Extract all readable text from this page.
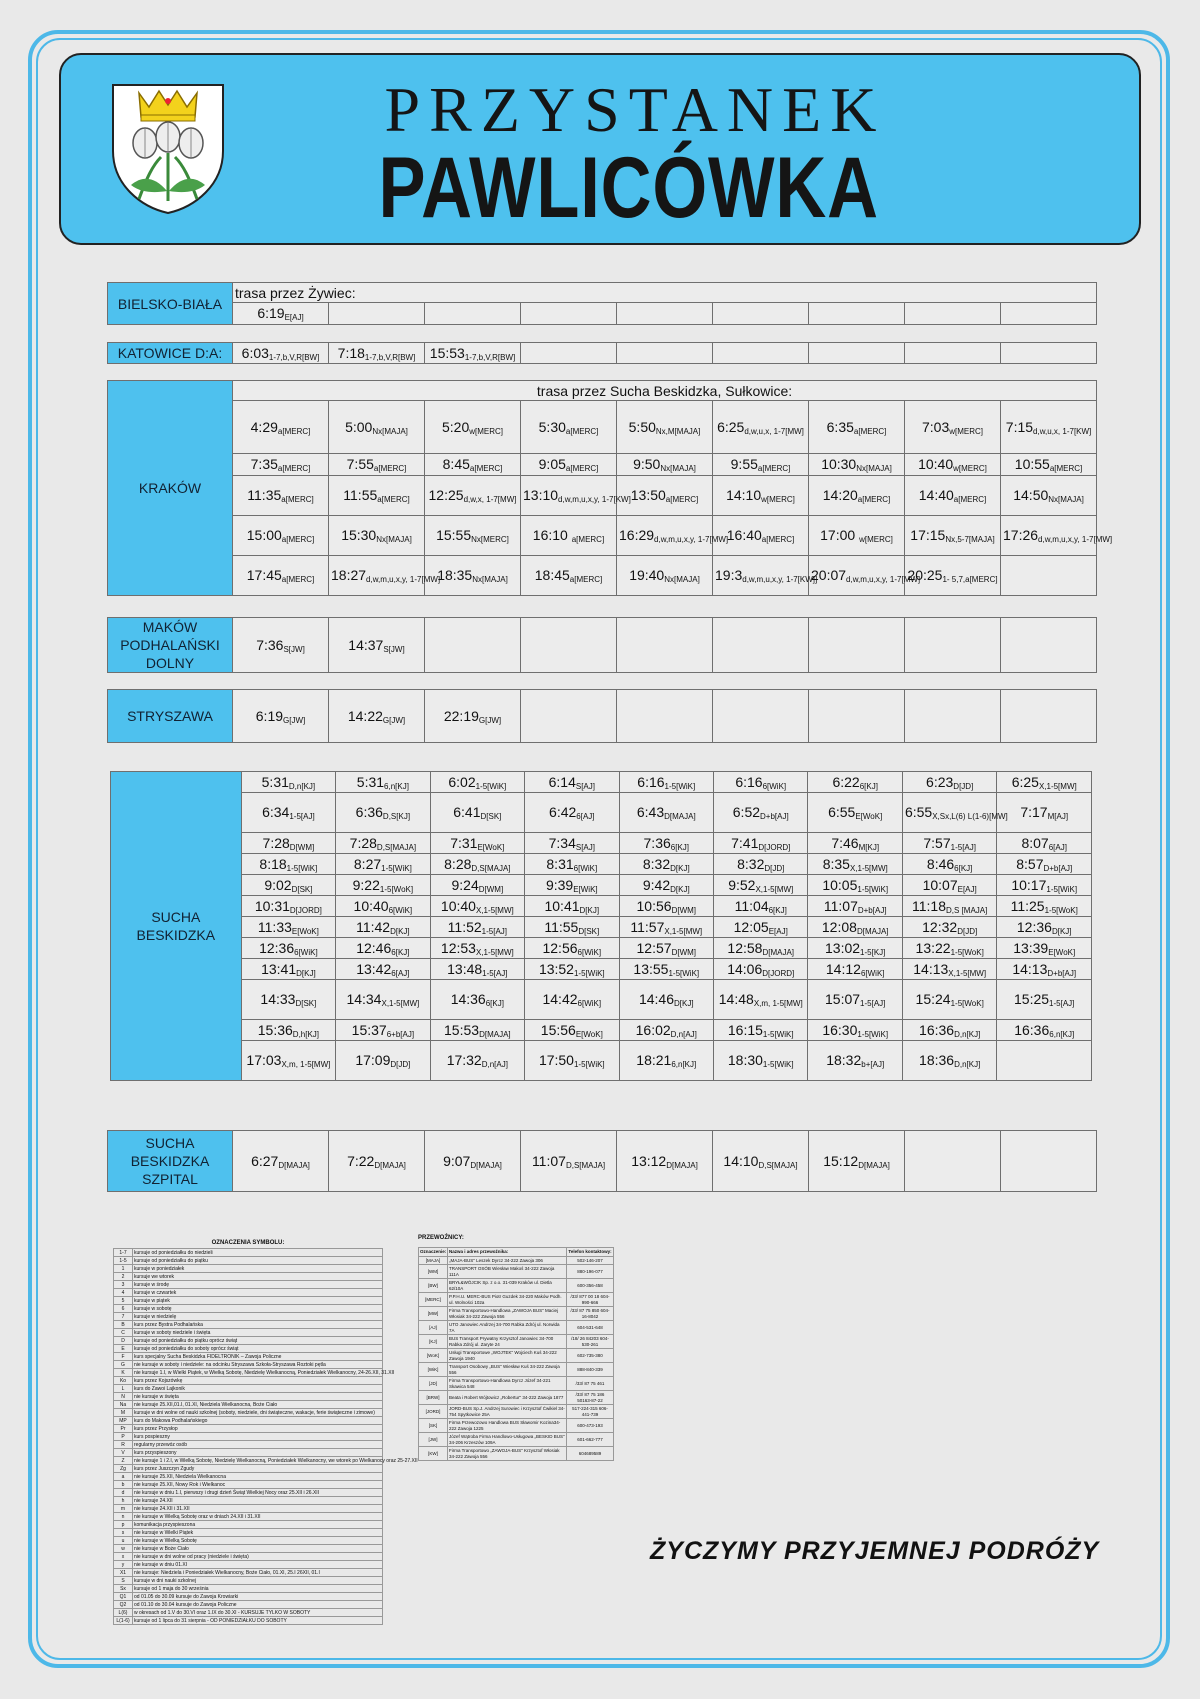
PRZYSTANEK
PAWLICÓWKA
BIELSKO-BIAŁA	trasa przez Żywiec:								
	$6:19_{E[AJ]}$								
KATOWICE D:A:	$6:03_{1-7,b,V,R[BW]}$	$7:18_{1-7,b,V,R[BW]}$	$15:53_{1-7,b,V,R[BW]}$						
KRAKÓW	trasa przez Sucha Beskidzka, Sułkowice:								
	$4:29_{a[MERC]}$	$5:00_{Nx[MAJA]}$	$5:20_{w[MERC]}$	$5:30_{a[MERC]}$	$5:50_{Nx,M[MAJA]}$	$6:25_{d,w,u,x, 1-7[MW]}$	$6:35_{a[MERC]}$	$7:03_{w[MERC]}$	$7:15_{d,w,u,x, 1-7[KW]}$
	$7:35_{a[MERC]}$	$7:55_{a[MERC]}$	$8:45_{a[MERC]}$	$9:05_{a[MERC]}$	$9:50_{Nx[MAJA]}$	$9:55_{a[MERC]}$	$10:30_{Nx[MAJA]}$	$10:40_{w[MERC]}$	$10:55_{a[MERC]}$
	$11:35_{a[MERC]}$	$11:55_{a[MERC]}$	$12:25_{d,w,x, 1-7[MW]}$	$13:10_{d,w,m,u,x,y, 1-7[KW]}$	$13:50_{a[MERC]}$	$14:10_{w[MERC]}$	$14:20_{a[MERC]}$	$14:40_{a[MERC]}$	$14:50_{Nx[MAJA]}$
	$15:00_{a[MERC]}$	$15:30_{Nx[MAJA]}$	$15:55_{Nx[MERC]}$	16:10 $_{a[MERC]}$	$16:29_{d,w,m,u,x,y, 1-7[MW]}$	$16:40_{a[MERC]}$	17:00 $_{w[MERC]}$	$17:15_{Nx,5-7[MAJA]}$	$17:26_{d,w,m,u,x,y, 1-7[MW]}$
	$17:45_{a[MERC]}$	$18:27_{d,w,m,u,x,y, 1-7[MW]}$	$18:35_{Nx[MAJA]}$	$18:45_{a[MERC]}$	$19:40_{Nx[MAJA]}$	$19:3_{d,w,m,u,x,y, 1-7[KW]]}$	$20:07_{d,w,m,u,x,y, 1-7[MW]}$	$20:25_{1- 5,7,a[MERC]}$	
MAKÓW PODHALAŃSKI DOLNY	$7:36_{S[JW]}$	$14:37_{S[JW]}$							
STRYSZAWA	$6:19_{G[JW]}$	$14:22_{G[JW]}$	$22:19_{G[JW]}$						
SUCHA BESKIDZKA	$5:31_{D,n[KJ]}$	$5:31_{6,n[KJ]}$	$6:02_{1-5[WiK]}$	$6:14_{S[AJ]}$	$6:16_{1-5[WiK]}$	$6:16_{6[WiK]}$	$6:22_{6[KJ]}$	$6:23_{D[JD]}$	$6:25_{X,1-5[MW]}$
	$6:34_{1-5[AJ]}$	$6:36_{D,S[KJ]}$	$6:41_{D[SK]}$	$6:42_{6[AJ]}$	$6:43_{D[MAJA]}$	$6:52_{D+b[AJ]}$	$6:55_{E[WoK]}$	$6:55_{X,Sx,L(6) L(1-6)[MW]}$	$7:17_{M[AJ]}$
	$7:28_{D[WM]}$	$7:28_{D,S[MAJA]}$	$7:31_{E[WoK]}$	$7:34_{S[AJ]}$	$7:36_{6[KJ]}$	$7:41_{D[JORD]}$	$7:46_{M[KJ]}$	$7:57_{1-5[AJ]}$	$8:07_{6[AJ]}$
	$8:18_{1-5[WiK]}$	$8:27_{1-5[WiK]}$	$8:28_{D,S[MAJA]}$	$8:31_{6[WiK]}$	$8:32_{D[KJ]}$	$8:32_{D[JD]}$	$8:35_{X,1-5[MW]}$	$8:46_{6[KJ]}$	$8:57_{D+b[AJ]}$
	$9:02_{D[SK]}$	$9:22_{1-5[WoK]}$	$9:24_{D[WM]}$	$9:39_{E[WiK]}$	$9:42_{D[KJ]}$	$9:52_{X,1-5[MW]}$	$10:05_{1-5[WiK]}$	$10:07_{E[AJ]}$	$10:17_{1-5[WiK]}$
	$10:31_{D[JORD]}$	$10:40_{6[WiK]}$	$10:40_{X,1-5[MW]}$	$10:41_{D[KJ]}$	$10:56_{D[WM]}$	$11:04_{6[KJ]}$	$11:07_{D+b[AJ]}$	$11:18_{D,S [MAJA]}$	$11:25_{1-5[WoK]}$
	$11:33_{E[WoK]}$	$11:42_{D[KJ]}$	$11:52_{1-5[AJ]}$	$11:55_{D[SK]}$	$11:57_{X,1-5[MW]}$	$12:05_{E[AJ]}$	$12:08_{D[MAJA]}$	$12:32_{D[JD]}$	$12:36_{D[KJ]}$
	$12:36_{6[WiK]}$	$12:46_{6[KJ]}$	$12:53_{X,1-5[MW]}$	$12:56_{6[WiK]}$	$12:57_{D[WM]}$	$12:58_{D[MAJA]}$	$13:02_{1-5[KJ]}$	$13:22_{1-5[WoK]}$	$13:39_{E[WoK]}$
	$13:41_{D[KJ]}$	$13:42_{6[AJ]}$	$13:48_{1-5[AJ]}$	$13:52_{1-5[WiK]}$	$13:55_{1-5[WiK]}$	$14:06_{D[JORD]}$	$14:12_{6[WiK]}$	$14:13_{X,1-5[MW]}$	$14:13_{D+b[AJ]}$
	$14:33_{D[SK]}$	$14:34_{X,1-5[MW]}$	$14:36_{6[KJ]}$	$14:42_{6[WiK]}$	$14:46_{D[KJ]}$	$14:48_{X,m, 1-5[MW]}$	$15:07_{1-5[AJ]}$	$15:24_{1-5[WoK]}$	$15:25_{1-5[AJ]}$
	$15:36_{D,h[KJ]}$	$15:37_{6+b[AJ]}$	$15:53_{D[MAJA]}$	$15:56_{E[WoK]}$	$16:02_{D,n[AJ]}$	$16:15_{1-5[WiK]}$	$16:30_{1-5[WiK]}$	$16:36_{D,n[KJ]}$	$16:36_{6,n[KJ]}$
	$17:03_{X,m, 1-5[MW]}$	$17:09_{D[JD]}$	$17:32_{D,n[AJ]}$	$17:50_{1-5[WiK]}$	$18:21_{6,n[KJ]}$	$18:30_{1-5[WiK]}$	$18:32_{b+[AJ]}$	$18:36_{D,n[KJ]}$	
SUCHA BESKIDZKA SZPITAL	$6:27_{D[MAJA]}$	$7:22_{D[MAJA]}$	$9:07_{D[MAJA]}$	$11:07_{D,S[MAJA]}$	$13:12_{D[MAJA]}$	$14:10_{D,S[MAJA]}$	$15:12_{D[MAJA]}$		
OZNACZENIA SYMBOLU:
1-7	kursuje od poniedziałku do niedzieli
1-5	kursuje od poniedziałku do piątku
1	kursuje w poniedziałek
2	kursuje we wtorek
3	kursuje w środę
4	kursuje w czwartek
5	kursuje w piątek
6	kursuje w sobotę
7	kursuje w niedzielę
B	kurs przez Bystra Podhalańska
C	kursuje w soboty niedziele i święta
D	kursuje od poniedziałku do piątku oprócz świąt
E	kursuje od poniedziałku do soboty oprócz świąt
F	kurs specjalny Sucha Beskidzka FIDELTRONIK – Zawoja Policzne
G	nie kursuje w soboty i niedziele: na odcinku Stryszawa Szkoła-Stryszawa Roztoki pętla
K	nie kursuje 1.I, w Wielki Piątek, w Wielką Sobotę, Niedzielę Wielkanocną, Poniedziałek Wielkanocny, 24-26.XII, 31.XII
Ko	kurs przez Kojszówkę
L	kurs do Zawoi Lajkonik
N	nie kursuje w święta
Na	nie kursuje 25.XII,01.I, 01.XI, Niedziela Wielkanocna, Boże Ciało
M	kursuje w dni wolne od nauki szkolnej (soboty, niedziele, dni świąteczne, wakacje, ferie świąteczne i zimowe)
MP	kurs do Makowa Podhalańskiego
Pr	kurs przez Przysłop
P	kurs pospieszny
R	regularny przewóz osób
V	kurs przyspieszony
Z	nie kursuje 1 i 2.I, w Wielką Sobotę, Niedzielę Wielkanocną, Poniedziałek Wielkanocny, we wtorek po Wielkanocy oraz 25-27.XII
Zg	kurs przez Juszczyn Zgudy
a	nie kursuje 25.XII, Niedziela Wielkanocna
b	nie kursuje 25.XII, Nowy Rok i Wielkanoc
d	nie kursuje w dniu 1.I, pierwszy i drugi dzień Świąt Wielkiej Nocy oraz 25.XII i 26.XII
h	nie kursuje 24.XII
m	nie kursuje 24.XII i 31.XII
n	nie kursuje w Wielką Sobotę oraz w dniach 24.XII i 31.XII
p	komunikacja przyspieszona
s	nie kursuje w Wielki Piątek
u	nie kursuje w Wielką Sobotę
w	nie kursuje w Boże Ciało
x	nie kursuje w dni wolne od pracy (niedziele i święta)
y	nie kursuje w dniu 01.XI
X1	nie kursuje: Niedziela i Poniedziałek Wielkanocny, Boże Ciało, 01.XI, 25.I 26XII, 01.I
S	kursuje w dni nauki szkolnej
Sx	kursuje od 1 maja do 30 września
Q1	od 01.05 do 30.09 kursuje do Zawoja Krowiarki
Q2	od 01.10 do 30.04 kursuje do Zawoja Policzne
L(6)	w okresach od 1.V do 30.VI oraz 1.IX do 30.XI - KURSUJE TYLKO W SOBOTY
L(1-6)	kursuje od 1 lipca do 31 sierpnia - OD PONIEDZIAŁKU DO SOBOTY
PRZEWOŹNICY:
Oznaczenie:	Nazwa i adres przewoźnika:	Telefon kontaktowy:
[MAJA]	„MAJA-BUS" Leszek Dyrcz 34-222 Zawoja 306	502-146-207
[WM]	TRANSPORT OSÓB Wiesław Makoś 34-222 Zawoja 111A	880-196-077
[BW]	BRYŁ&WÓJCIK Sp. z o.o. 31-039 Kraków ul. Dietla 62/10A	600-356-458
[MERC]	P.P.H.U. MERC-BUS Piotr Guzdek 34-220 Maków Podh. ul. Wolności 102a	/33/ 877 00 18 604-990-666
[MW]	Firma Transportowo-Handlowa „ZAWOJA BUS" Maciej Włosiak 34-222 Zawoja 556	/33/ 87 75 850 604-16-8042
[AJ]	UTO Janowiec Andrzej 34-700 Rabka Zdrój ul. Norwida 7A	604-531-648
[KJ]	BUS Transport Prywatny Krzysztof Janowiec 34-700 Rabka Zdrój ul. Zaryte 24	/18/ 26 84203 604-530-261
[WoK]	Usługi Transportowe „WOJTEK" Wojciech Kuś 34-222 Zawoja 1940	602-735-380
[WiK]	Transport Osobowy „BUS" Wiesław Kuś 34-222 Zawoja 556	888-840-339
[JD]	Firma Transportowo-Handlowa Dyrcz Józef 34-221 Skawica 548	/33/ 87 75 461
[BRW]	Beata i Robert Wójtowicz „Robertur" 34-222 Zawoja 1877	/33/ 87 75 186 50163-87-22
[JORD]	JORD-BUS Sp.J. Andrzej Surowiec i Krzysztof Ćwikiel 34-754 Spytkowice 25A	517-224-315 606-441-739
[SK]	Firma Przewozowo Handlowa BUS Sławomir Kozina34-222 Zawoja 1225	600-473-193
[JW]	Józef Wątroba Firma Handlowo-Usługowa „BESKID BUS" 34-206 Krzeszów 109A	601-662-777
[KW]	Firma Transportowo „ZAWOJA-BUS" Krzysztof Włosiak 34-222 Zawoja 556	604689589
ŻYCZYMY PRZYJEMNEJ PODRÓŻY
